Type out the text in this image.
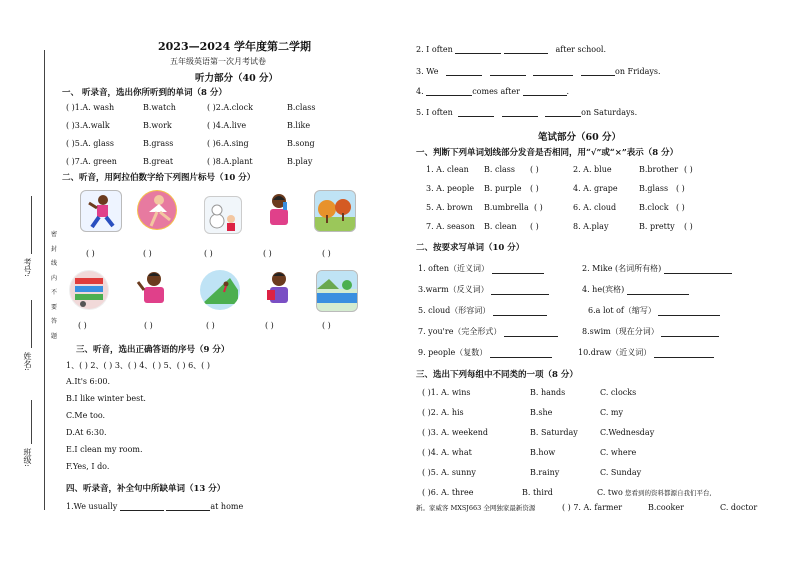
考号:
姓名:
班级:
密
封
线
内
不
要
答
题
2023—2024 学年度第二学期
五年级英语第一次月考试卷
听力部分（40 分）
一、 听录音，选出你所听到的单词（8 分）
( )1.A. wash	B.watch	( )2.A.clock	B.class
( )3.A.walk	B.work	( )4.A.live	B.like
( )5.A. glass	B.grass	( )6.A.sing	B.song
( )7.A. green	B.great	( )8.A.plant	B.play
二、听音，用阿拉伯数字给下列图片标号（10 分）
( )	( )	( )	( )	( )
( )	( )	( )	( )	( )
三、听音，选出正确答语的序号（9 分）
1、( ) 2、( ) 3、( ) 4、( ) 5、( ) 6、( )
A.It's 6:00.
B.I like winter best.
C.Me too.
D.At 6:30.
E.I clean my room.
F.Yes, I do.
四、听录音，补全句中所缺单词（13 分）
1.We usually	at home
2. I often	after school.
3. We	on Fridays.
4.	comes after	.
5. I often	on Saturdays.
笔试部分（60 分）
一、判断下列单词划线部分发音是否相同，用“√”或“×”表示（8 分）
1. A. clean B. class ( )	2. A. blue	B.brother ( )
3. A. people B. purple ( )	4. A. grape	B.glass ( )
5. A. brown B.umbrella ( )	6. A. cloud	B.clock ( )
7. A. season B. clean ( )	8. A.play	B. pretty ( )
二、按要求写单词（10 分）
1. often（近义词）	2. Mike (名词所有格)
3.warm（反义词）	4. he(宾格)
5. cloud（形容词）	6.a lot of（缩写）
7. you're（完全形式）	8.swim（现在分词）
9. people（复数）	10.draw（近义词）
三、选出下列每组中不同类的一项（8 分）
( )1. A. wins	B. hands	C. clocks
( )2. A. his	B.she	C. my
( )3. A. weekend	B. Saturday	C.Wednesday
( )4. A. what	B.how	C. where
( )5. A. sunny	B.rainy	C. Sunday
( )6. A. three	B. third	C. two 您看到的资料都源自我们平台,
新。家威客 MXSJ663 全网独家最新资源	( ) 7. A. farmer	B.cooker	C. doctor
